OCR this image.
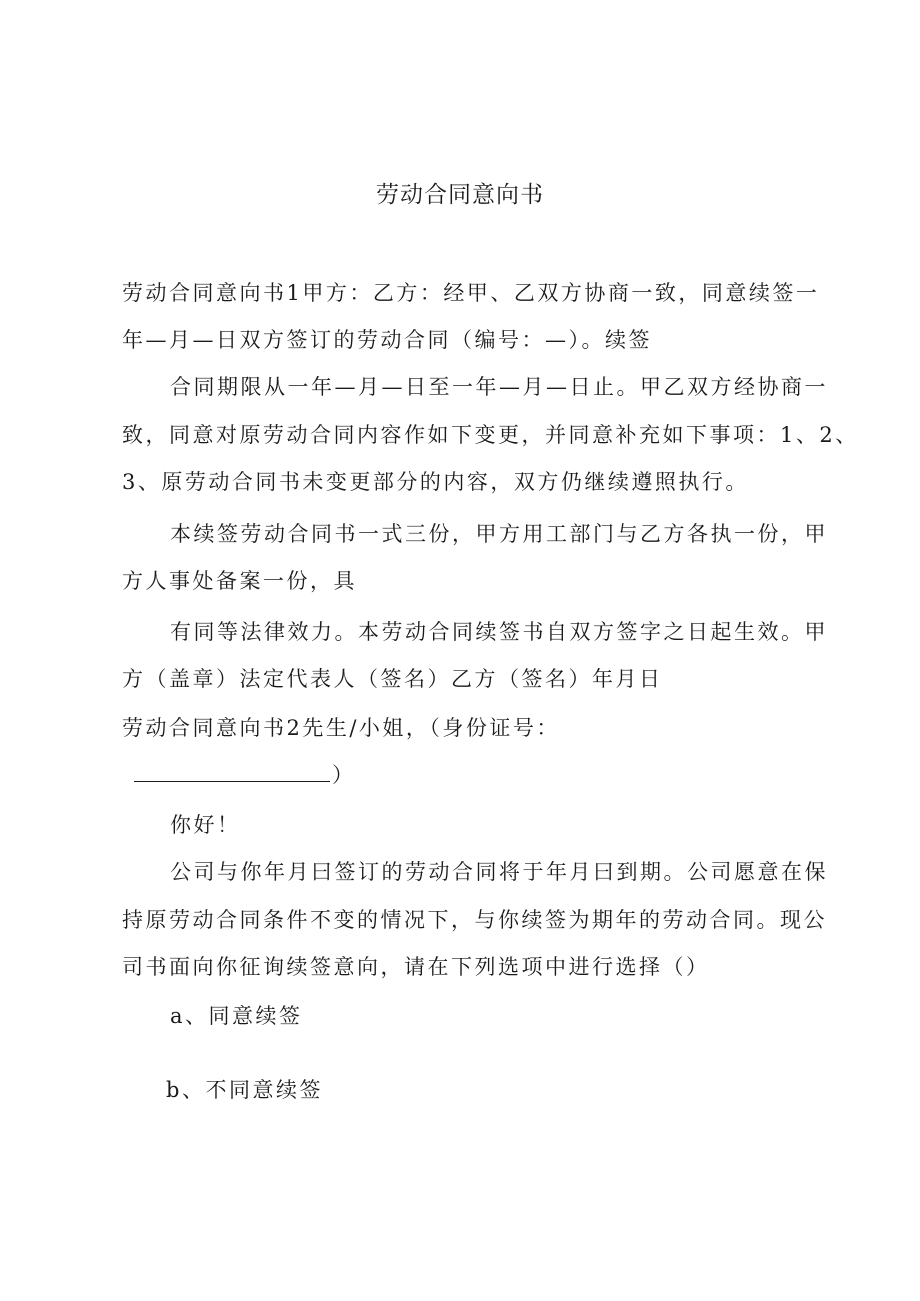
劳动合同意向书

劳动合同意向书1甲方：乙方：经甲、乙双方协商一致，同意续签一

年—月—日双方签订的劳动合同（编号：—）。续签

合同期限从一年—月—日至一年—月—日止。甲乙双方经协商一

致，同意对原劳动合同内容作如下变更，并同意补充如下事项：1、2、

3、原劳动合同书未变更部分的内容，双方仍继续遵照执行。

本续签劳动合同书一式三份，甲方用工部门与乙方各执一份，甲

方人事处备案一份，具

有同等法律效力。本劳动合同续签书自双方签字之日起生效。甲

方（盖章）法定代表人（签名）乙方（签名）年月日

劳动合同意向书2先生/小姐，（身份证号：

）

你好！

公司与你年月曰签订的劳动合同将于年月曰到期。公司愿意在保

持原劳动合同条件不变的情况下，与你续签为期年的劳动合同。现公

司书面向你征询续签意向，请在下列选项中进行选择（）

a、同意续签

b、不同意续签
